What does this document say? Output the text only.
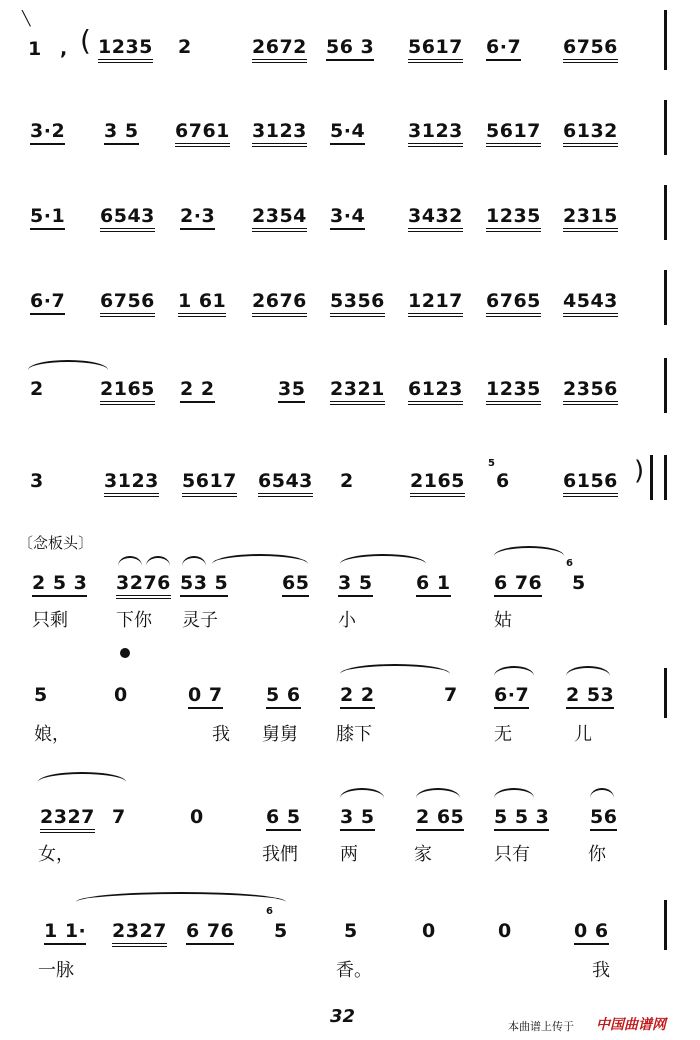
╲
1 , ( 1235 2	2672 56 3 5617 6·7 6756
3·2 3 5 6761 3123 5·4 3123 5617 6132
5·1 6543 2·3 2354 3·4 3432 1235 2315
6·7 6756 1 61 2676 5356 1217 6765 4543
2	2165 2 2	35 2321 6123 1235 2356
3	3123 5617 6543 2	2165
5
6	6156 )
〔念板头〕
2 5 3 3276 53 5	65 3 5 6 1 6 76
6
5
只剩	下你 灵子	小	姑
5	0	0 7 5 6 2 2	7 6·7 2 53
娘，	我 舅舅 膝下	无	儿
2327 7	0	6 5 3 5 2 65 5 5 3 56
女，	我們 两	家	只有	你
1 1· 2327 6 76
6
5	5	0	0	0 6
一脉	香。	我
32	本曲谱上传于 中国曲谱网
